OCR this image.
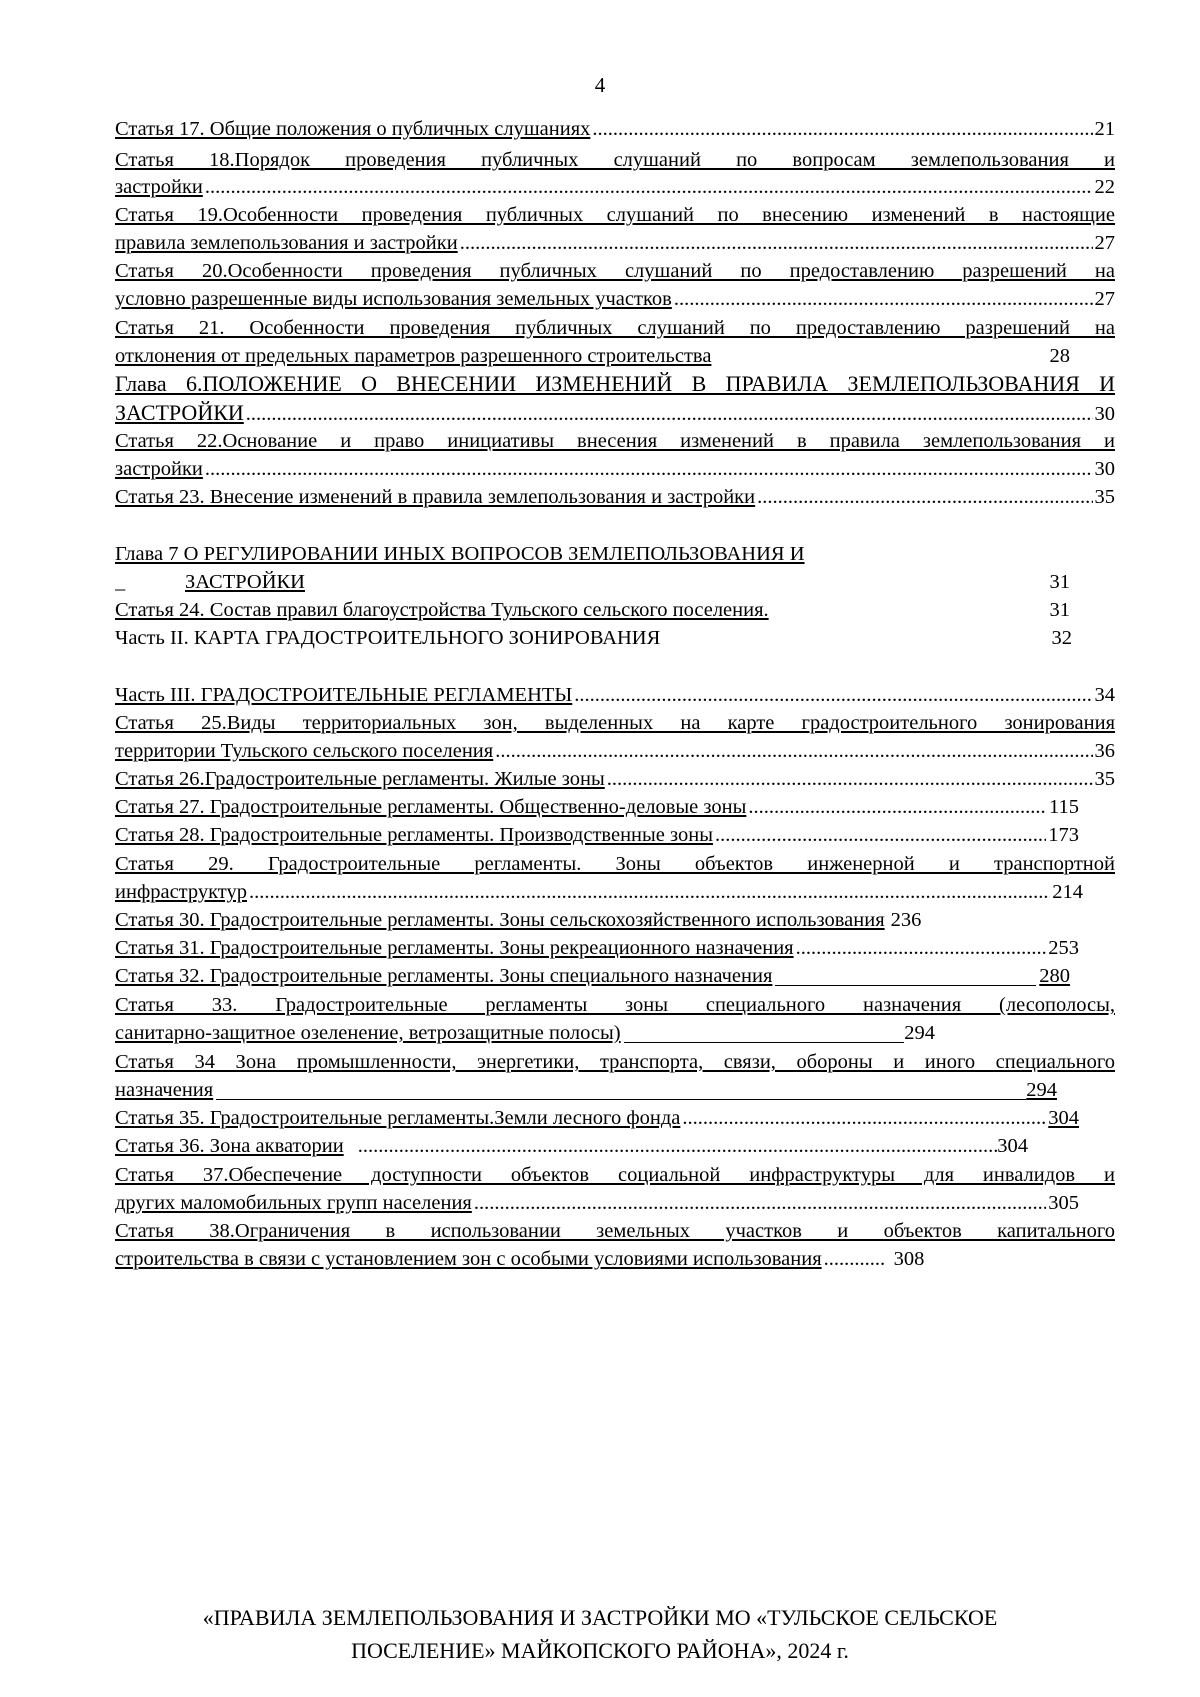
4
Статья 17. Общие положения о публичных слушаниях .....	21
Статья 18.Порядок проведения публичных слушаний по вопросам землепользования и
застройки .....	22
Статья 19.Особенности проведения публичных слушаний по внесению изменений в настоящие
правила землепользования и застройки .....	27
Статья 20.Особенности проведения публичных слушаний по предоставлению разрешений на
условно разрешенные виды использования земельных участков .....	27
Статья 21. Особенности проведения публичных слушаний по предоставлению разрешений на
отклонения от предельных параметров разрешенного строительства	28
Глава 6.ПОЛОЖЕНИЕ О ВНЕСЕНИИ ИЗМЕНЕНИЙ В ПРАВИЛА ЗЕМЛЕПОЛЬЗОВАНИЯ И
ЗАСТРОЙКИ .....	30
Статья 22.Основание и право инициативы внесения изменений в правила землепользования и
застройки .....	30
Статья 23. Внесение изменений в правила землепользования и застройки .....	35
Глава 7 О РЕГУЛИРОВАНИИ ИНЫХ ВОПРОСОВ ЗЕМЛЕПОЛЬЗОВАНИЯ И
_	ЗАСТРОЙКИ	31
Статья 24. Состав правил благоустройства Тульского сельского поселения.	31
Часть II. КАРТА ГРАДОСТРОИТЕЛЬНОГО ЗОНИРОВАНИЯ	32
Часть III. ГРАДОСТРОИТЕЛЬНЫЕ РЕГЛАМЕНТЫ .....	34
Статья 25.Виды территориальных зон, выделенных на карте градостроительного зонирования
территории Тульского сельского поселения .....	36
Статья 26.Градостроительные регламенты. Жилые зоны .....	35
Статья 27. Градостроительные регламенты. Общественно-деловые зоны .....	115
Статья 28. Градостроительные регламенты. Производственные зоны .....	173
Статья 29. Градостроительные регламенты. Зоны объектов инженерной и транспортной
инфраструктур .....	214
Статья 30. Градостроительные регламенты. Зоны сельскохозяйственного использования 236
Статья 31. Градостроительные регламенты. Зоны рекреационного назначения .....	253
Статья 32. Градостроительные регламенты. Зоны специального назначения	280
Статья 33. Градостроительные регламенты зоны специального назначения (лесополосы,
санитарно-защитное озеленение, ветрозащитные полосы)	294
Статья 34 Зона промышленности, энергетики, транспорта, связи, обороны и иного специального
назначения	294
Статья 35. Градостроительные регламенты.Земли лесного фонда .....	304
Статья 36. Зона акватории .....	304
Статья 37.Обеспечение доступности объектов социальной инфраструктуры для инвалидов и
других маломобильных групп населения .....	305
Статья 38.Ограничения в использовании земельных участков и объектов капитального
строительства в связи с установлением зон с особыми условиями использования .....	308
«ПРАВИЛА ЗЕМЛЕПОЛЬЗОВАНИЯ И ЗАСТРОЙКИ МО «ТУЛЬСКОЕ СЕЛЬСКОЕ
ПОСЕЛЕНИЕ» МАЙКОПСКОГО РАЙОНА», 2024 г.
